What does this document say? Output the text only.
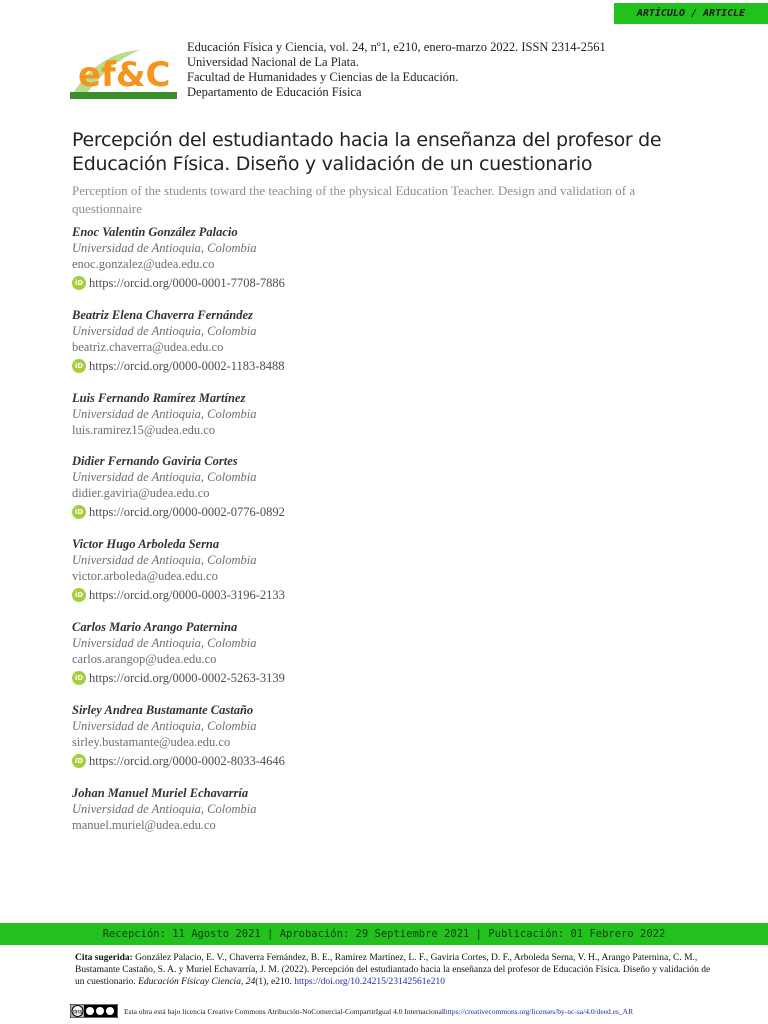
ARTÍCULO / ARTICLE
ef&C
Educación Física y Ciencia, vol. 24, nº1, e210, enero-marzo 2022. ISSN 2314-2561
Universidad Nacional de La Plata.
Facultad de Humanidades y Ciencias de la Educación.
Departamento de Educación Física
Percepción del estudiantado hacia la enseñanza del profesor de
Educación Física. Diseño y validación de un cuestionario
Perception of the students toward the teaching of the physical Education Teacher. Design and validation of a questionnaire
Enoc Valentin González Palacio
Universidad de Antioquia, Colombia
enoc.gonzalez@udea.edu.co
iD https://orcid.org/0000-0001-7708-7886
Beatriz Elena Chaverra Fernández
Universidad de Antioquia, Colombia
beatriz.chaverra@udea.edu.co
iD https://orcid.org/0000-0002-1183-8488
Luis Fernando Ramírez Martínez
Universidad de Antioquia, Colombia
luis.ramirez15@udea.edu.co
Didier Fernando Gaviria Cortes
Universidad de Antioquia, Colombia
didier.gaviria@udea.edu.co
iD https://orcid.org/0000-0002-0776-0892
Victor Hugo Arboleda Serna
Universidad de Antioquia, Colombia
victor.arboleda@udea.edu.co
iD https://orcid.org/0000-0003-3196-2133
Carlos Mario Arango Paternina
Universidad de Antioquia, Colombia
carlos.arangop@udea.edu.co
iD https://orcid.org/0000-0002-5263-3139
Sirley Andrea Bustamante Castaño
Universidad de Antioquia, Colombia
sirley.bustamante@udea.edu.co
iD https://orcid.org/0000-0002-8033-4646
Johan Manuel Muriel Echavarría
Universidad de Antioquia, Colombia
manuel.muriel@udea.edu.co
Recepción: 11 Agosto 2021 | Aprobación: 29 Septiembre 2021 | Publicación: 01 Febrero 2022
Cita sugerida: González Palacio, E. V., Chaverra Fernández, B. E., Ramírez Martínez, L. F., Gaviria Cortes, D. F., Arboleda Serna, V. H., Arango Paternina, C. M., Bustamante Castaño, S. A. y Muriel Echavarría, J. M. (2022). Percepción del estudiantado hacia la enseñanza del profesor de Educación Física. Diseño y validación de un cuestionario. Educación Físicay Ciencia, 24(1), e210. https://doi.org/10.24215/23142561e210
cc by nc sa	Esta obra está bajo licencia Creative Commons Atribución-NoComercial-CompartirIgual 4.0 Internacional https://creativecommons.org/licenses/by-nc-sa/4.0/deed.es_AR
